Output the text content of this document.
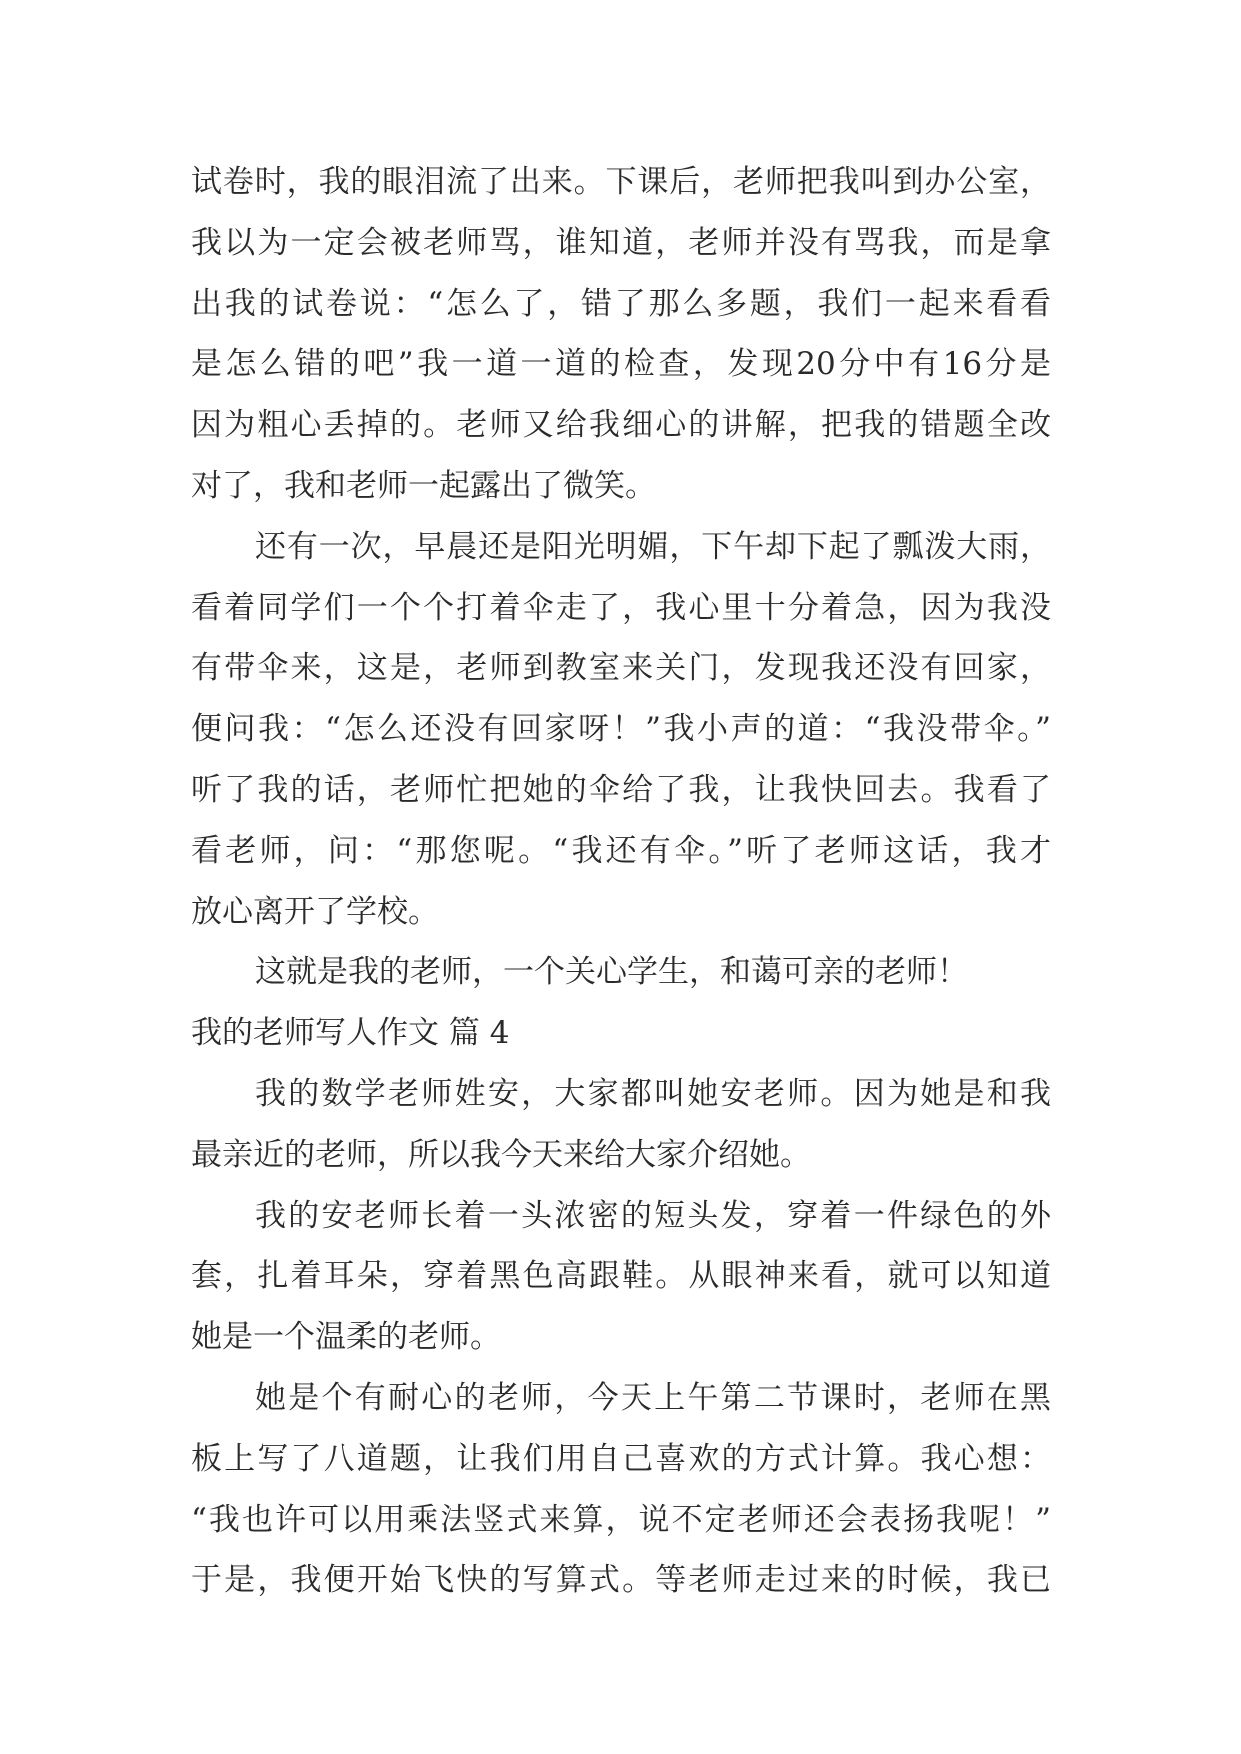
试卷时，我的眼泪流了出来。下课后，老师把我叫到办公室，
我以为一定会被老师骂，谁知道，老师并没有骂我，而是拿
出我的试卷说：“怎么了，错了那么多题，我们一起来看看
是怎么错的吧”我一道一道的检查，发现20分中有16分是
因为粗心丢掉的。老师又给我细心的讲解，把我的错题全改
对了，我和老师一起露出了微笑。
还有一次，早晨还是阳光明媚，下午却下起了瓢泼大雨，
看着同学们一个个打着伞走了，我心里十分着急，因为我没
有带伞来，这是，老师到教室来关门，发现我还没有回家，
便问我：“怎么还没有回家呀！”我小声的道：“我没带伞。”
听了我的话，老师忙把她的伞给了我，让我快回去。我看了
看老师，问：“那您呢。“我还有伞。”听了老师这话，我才
放心离开了学校。
这就是我的老师，一个关心学生，和蔼可亲的老师！
我的老师写人作文 篇 4
我的数学老师姓安，大家都叫她安老师。因为她是和我
最亲近的老师，所以我今天来给大家介绍她。
我的安老师长着一头浓密的短头发，穿着一件绿色的外
套，扎着耳朵，穿着黑色高跟鞋。从眼神来看，就可以知道
她是一个温柔的老师。
她是个有耐心的老师，今天上午第二节课时，老师在黑
板上写了八道题，让我们用自己喜欢的方式计算。我心想：
“我也许可以用乘法竖式来算，说不定老师还会表扬我呢！”
于是，我便开始飞快的写算式。等老师走过来的时候，我已
